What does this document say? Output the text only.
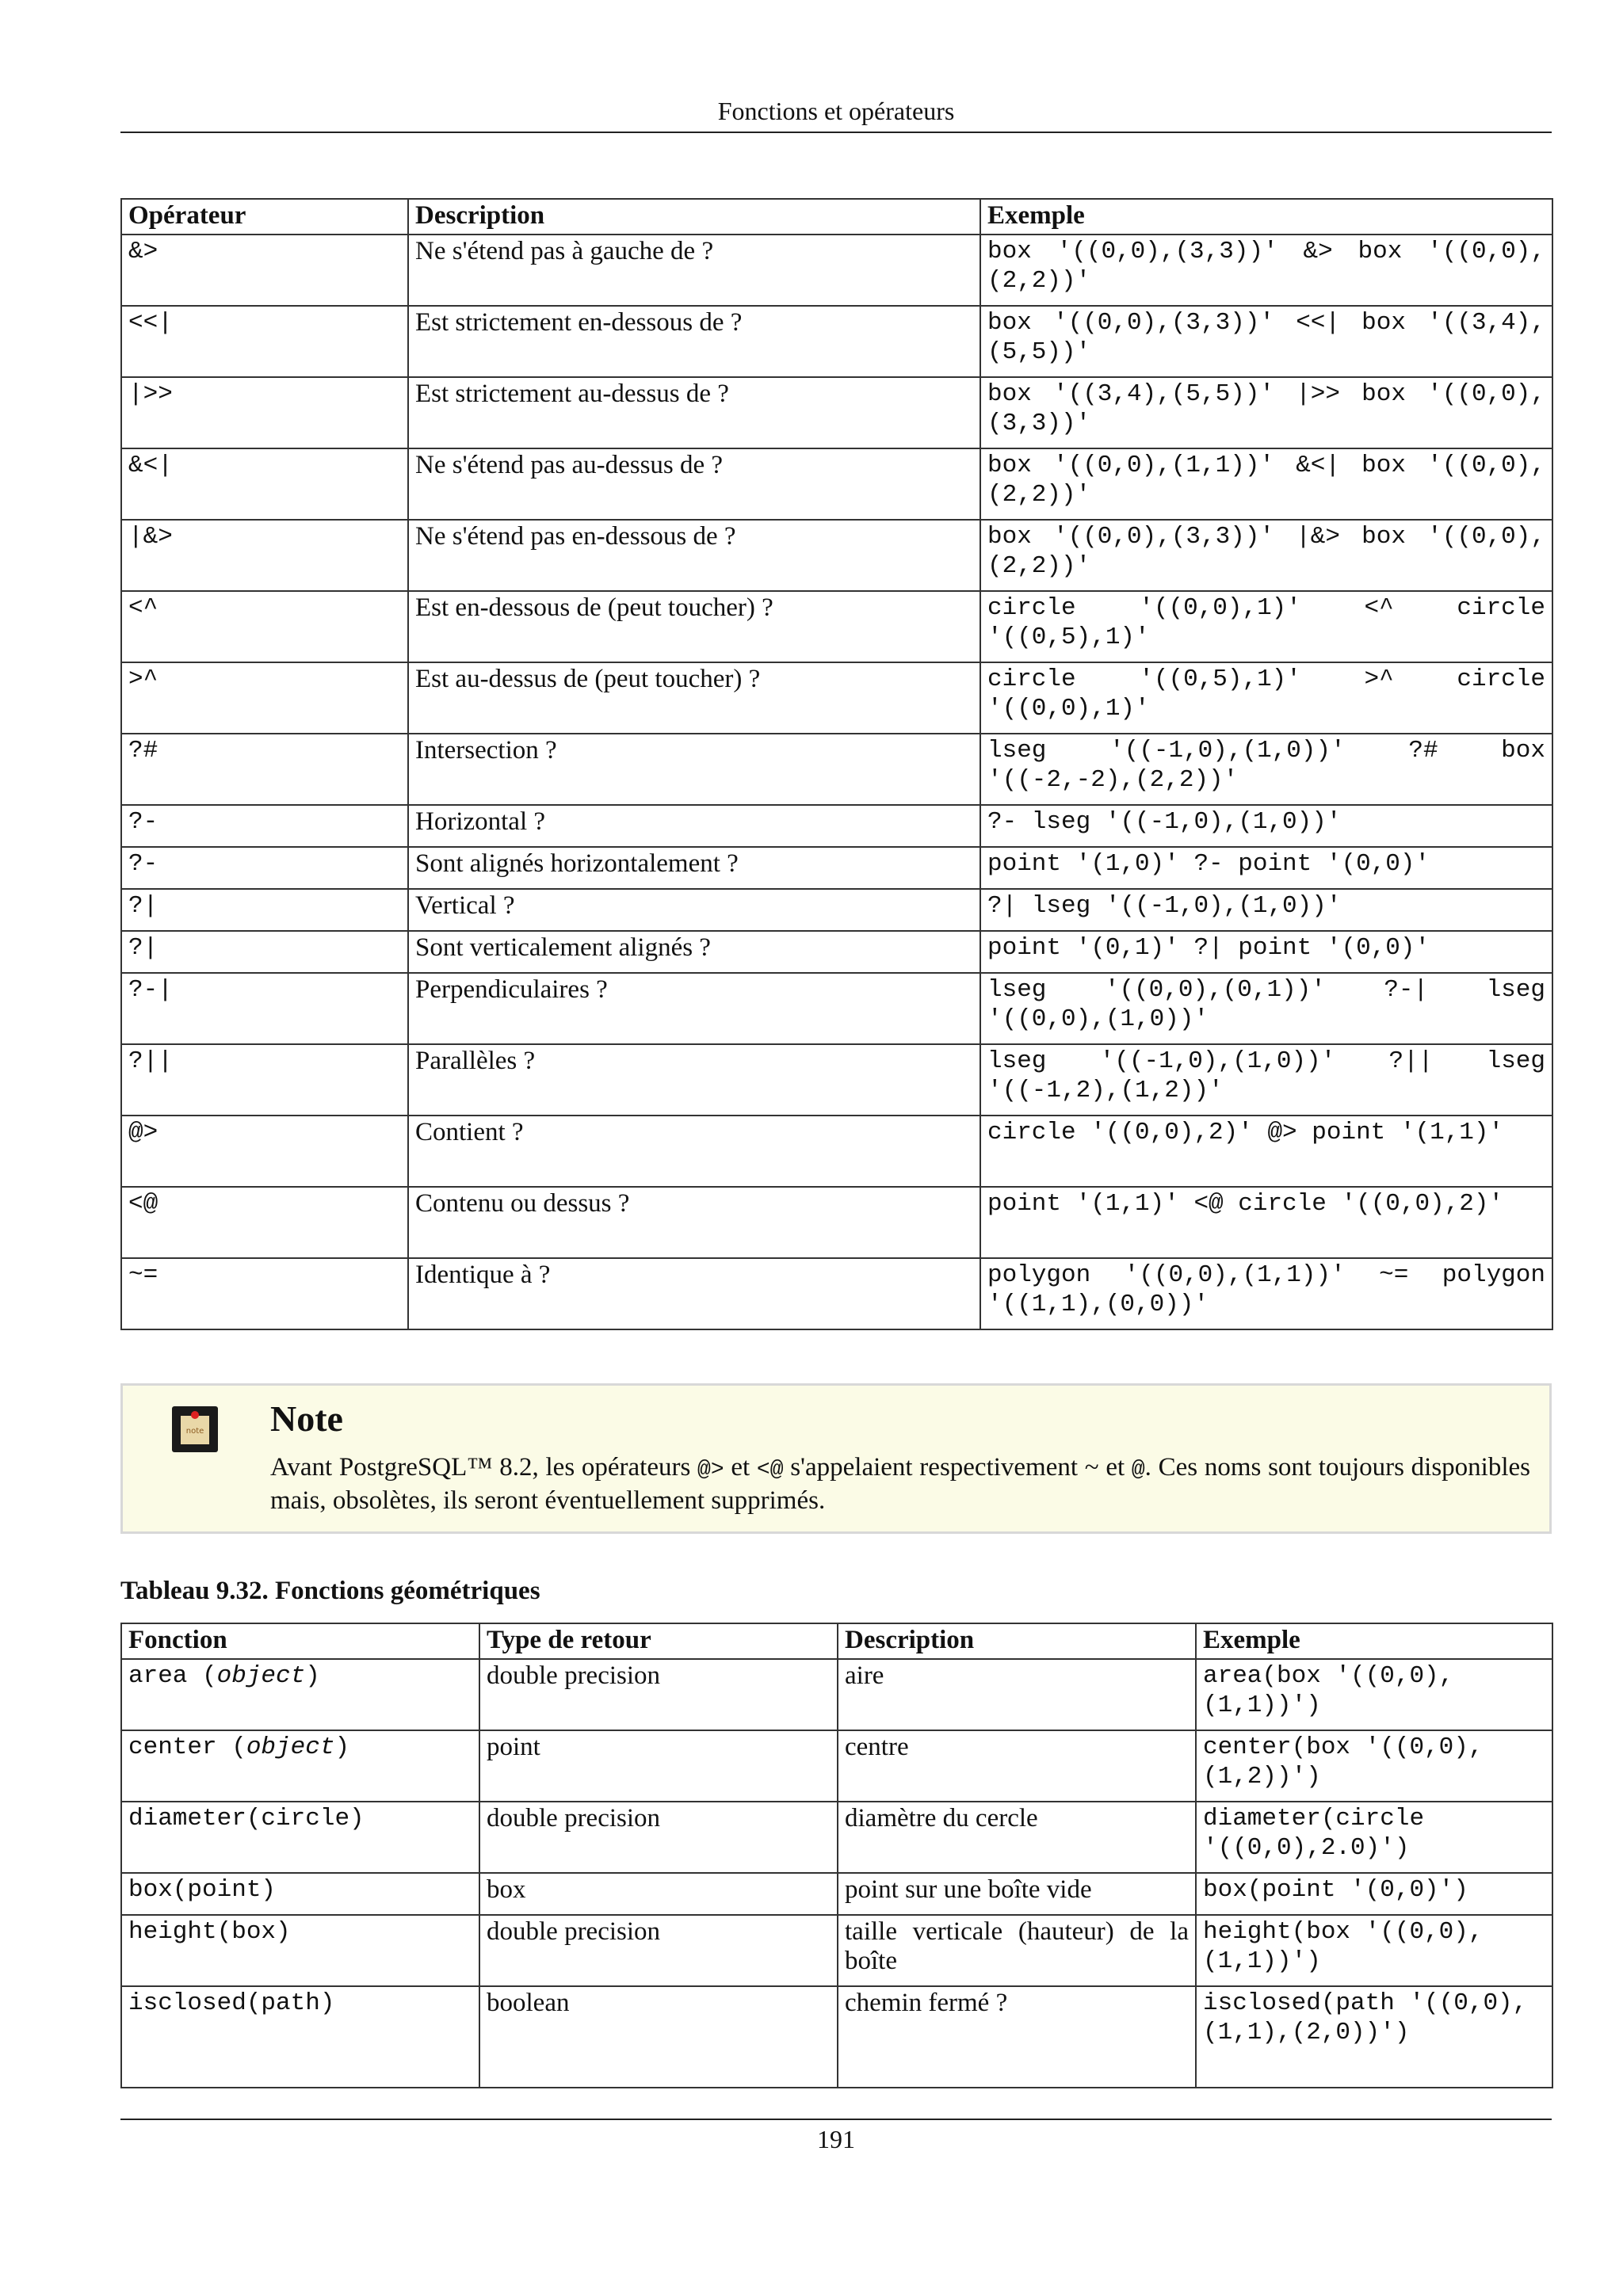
Fonctions et opérateurs
Opérateur	Description	Exemple
&>	Ne s'étend pas à gauche de ?	box '((0,0),(3,3))' &> box '((0,0),(2,2))'
<<|	Est strictement en-dessous de ?	box '((0,0),(3,3))' <<| box '((3,4),(5,5))'
|>>	Est strictement au-dessus de ?	box '((3,4),(5,5))' |>> box '((0,0),(3,3))'
&<|	Ne s'étend pas au-dessus de ?	box '((0,0),(1,1))' &<| box '((0,0),(2,2))'
|&>	Ne s'étend pas en-dessous de ?	box '((0,0),(3,3))' |&> box '((0,0),(2,2))'
<^	Est en-dessous de (peut toucher) ?	circle '((0,0),1)' <^ circle '((0,5),1)'
>^	Est au-dessus de (peut toucher) ?	circle '((0,5),1)' >^ circle '((0,0),1)'
?#	Intersection ?	lseg '((-1,0),(1,0))' ?# box '((-2,-2),(2,2))'
?-	Horizontal ?	?- lseg '((-1,0),(1,0))'
?-	Sont alignés horizontalement ?	point '(1,0)' ?- point '(0,0)'
?|	Vertical ?	?| lseg '((-1,0),(1,0))'
?|	Sont verticalement alignés ?	point '(0,1)' ?| point '(0,0)'
?-|	Perpendiculaires ?	lseg '((0,0),(0,1))' ?-| lseg '((0,0),(1,0))'
?||	Parallèles ?	lseg '((-1,0),(1,0))' ?|| lseg '((-1,2),(1,2))'
@>	Contient ?	circle '((0,0),2)' @> point '(1,1)'
<@	Contenu ou dessus ?	point '(1,1)' <@ circle '((0,0),2)'
~=	Identique à ?	polygon '((0,0),(1,1))' ~= polygon '((1,1),(0,0))'
note Note
Avant PostgreSQL™ 8.2, les opérateurs @> et <@ s'appelaient respectivement ~ et @. Ces noms sont toujours disponibles mais, obsolètes, ils seront éventuellement supprimés.
Tableau 9.32. Fonctions géométriques
Fonction	Type de retour	Description	Exemple
area (object)	double precision	aire	area(box '((0,0),(1,1))')
center (object)	point	centre	center(box '((0,0),(1,2))')
diameter(circle)	double precision	diamètre du cercle	diameter(circle '((0,0),2.0)')
box(point)	box	point sur une boîte vide	box(point '(0,0)')
height(box)	double precision	taille verticale (hauteur) de la boîte	height(box '((0,0),(1,1))')
isclosed(path)	boolean	chemin fermé ?	isclosed(path '((0,0),(1,1),(2,0))')
191
